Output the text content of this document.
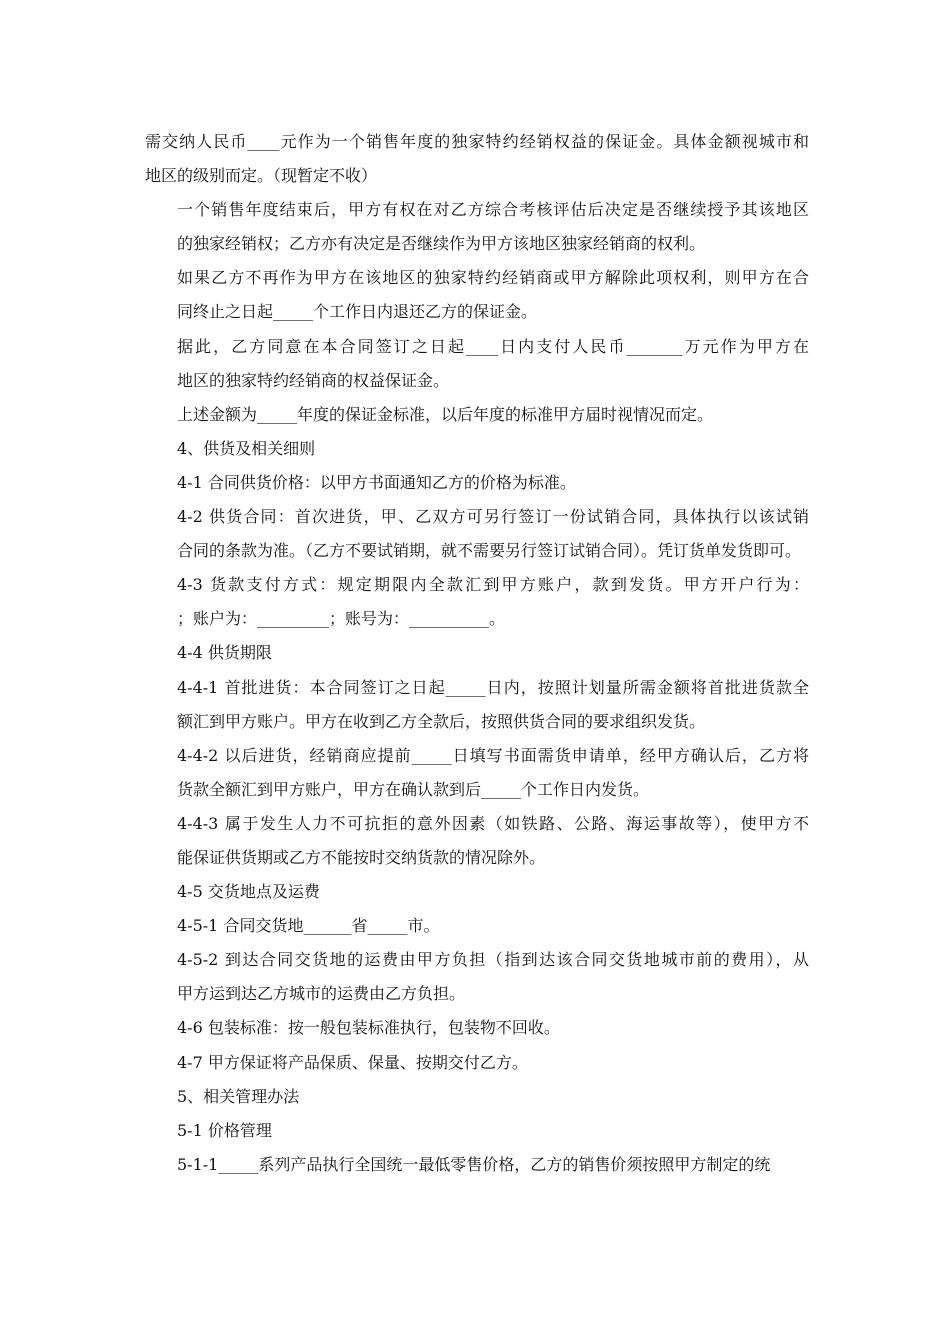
需交纳人民币____元作为一个销售年度的独家特约经销权益的保证金。具体金额视城市和
地区的级别而定。（现暂定不收）
一个销售年度结束后，甲方有权在对乙方综合考核评估后决定是否继续授予其该地区
的独家经销权；乙方亦有决定是否继续作为甲方该地区独家经销商的权利。
如果乙方不再作为甲方在该地区的独家特约经销商或甲方解除此项权利，则甲方在合
同终止之日起_____个工作日内退还乙方的保证金。
据此，乙方同意在本合同签订之日起____日内支付人民币_______万元作为甲方在
地区的独家特约经销商的权益保证金。
上述金额为_____年度的保证金标准，以后年度的标准甲方届时视情况而定。
4、供货及相关细则
4-1 合同供货价格：以甲方书面通知乙方的价格为标准。
4-2 供货合同：首次进货，甲、乙双方可另行签订一份试销合同，具体执行以该试销
合同的条款为准。（乙方不要试销期，就不需要另行签订试销合同）。凭订货单发货即可。
4-3 货款支付方式：规定期限内全款汇到甲方账户，款到发货。甲方开户行为：
；账户为：_________；账号为：__________。
4-4 供货期限
4-4-1 首批进货：本合同签订之日起_____日内，按照计划量所需金额将首批进货款全
额汇到甲方账户。甲方在收到乙方全款后，按照供货合同的要求组织发货。
4-4-2 以后进货，经销商应提前_____日填写书面需货申请单，经甲方确认后，乙方将
货款全额汇到甲方账户，甲方在确认款到后_____个工作日内发货。
4-4-3 属于发生人力不可抗拒的意外因素（如铁路、公路、海运事故等），使甲方不
能保证供货期或乙方不能按时交纳货款的情况除外。
4-5 交货地点及运费
4-5-1 合同交货地______省_____市。
4-5-2 到达合同交货地的运费由甲方负担（指到达该合同交货地城市前的费用），从
甲方运到达乙方城市的运费由乙方负担。
4-6 包装标准：按一般包装标准执行，包装物不回收。
4-7 甲方保证将产品保质、保量、按期交付乙方。
5、相关管理办法
5-1 价格管理
5-1-1_____系列产品执行全国统一最低零售价格，乙方的销售价须按照甲方制定的统
